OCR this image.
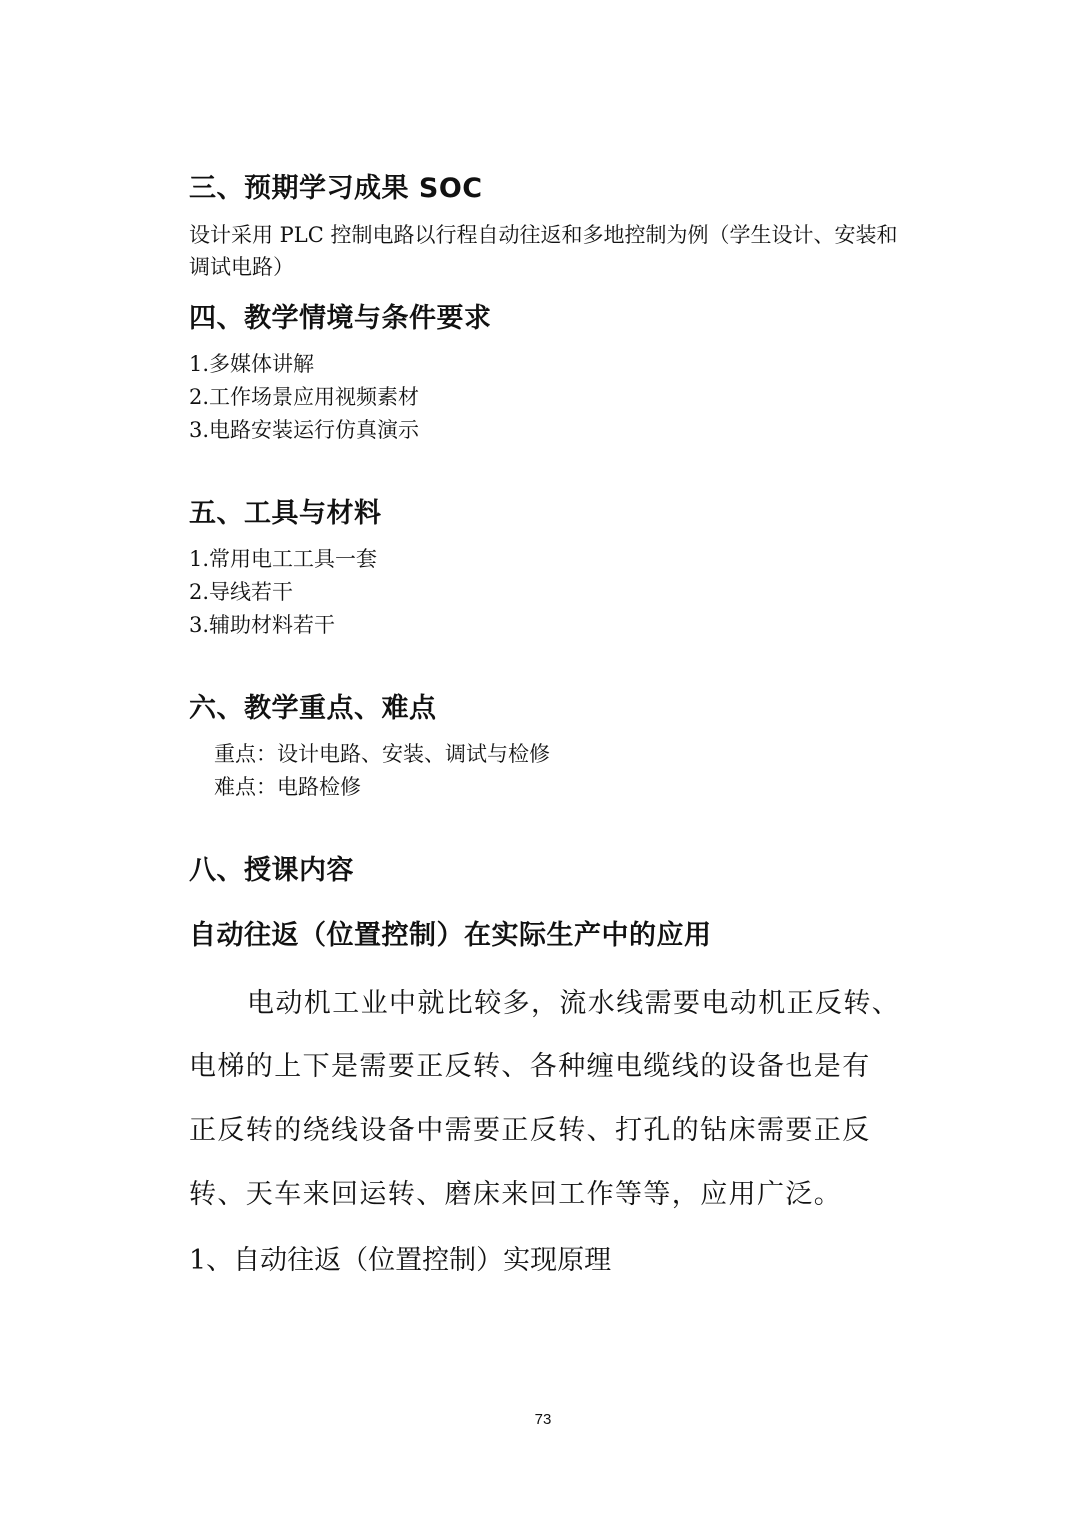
三、预期学习成果 SOC

设计采用 PLC 控制电路以行程自动往返和多地控制为例（学生设计、安装和

调试电路）

四、教学情境与条件要求

1.多媒体讲解

2.工作场景应用视频素材

3.电路安装运行仿真演示

五、工具与材料

1.常用电工工具一套

2.导线若干

3.辅助材料若干

六、教学重点、难点

重点：设计电路、安装、调试与检修

难点：电路检修

八、授课内容
自动往返（位置控制）在实际生产中的应用

电动机工业中就比较多，流水线需要电动机正反转、

电梯的上下是需要正反转、各种缠电缆线的设备也是有

正反转的绕线设备中需要正反转、打孔的钻床需要正反

转、天车来回运转、磨床来回工作等等，应用广泛。

1、自动往返（位置控制）实现原理

73
